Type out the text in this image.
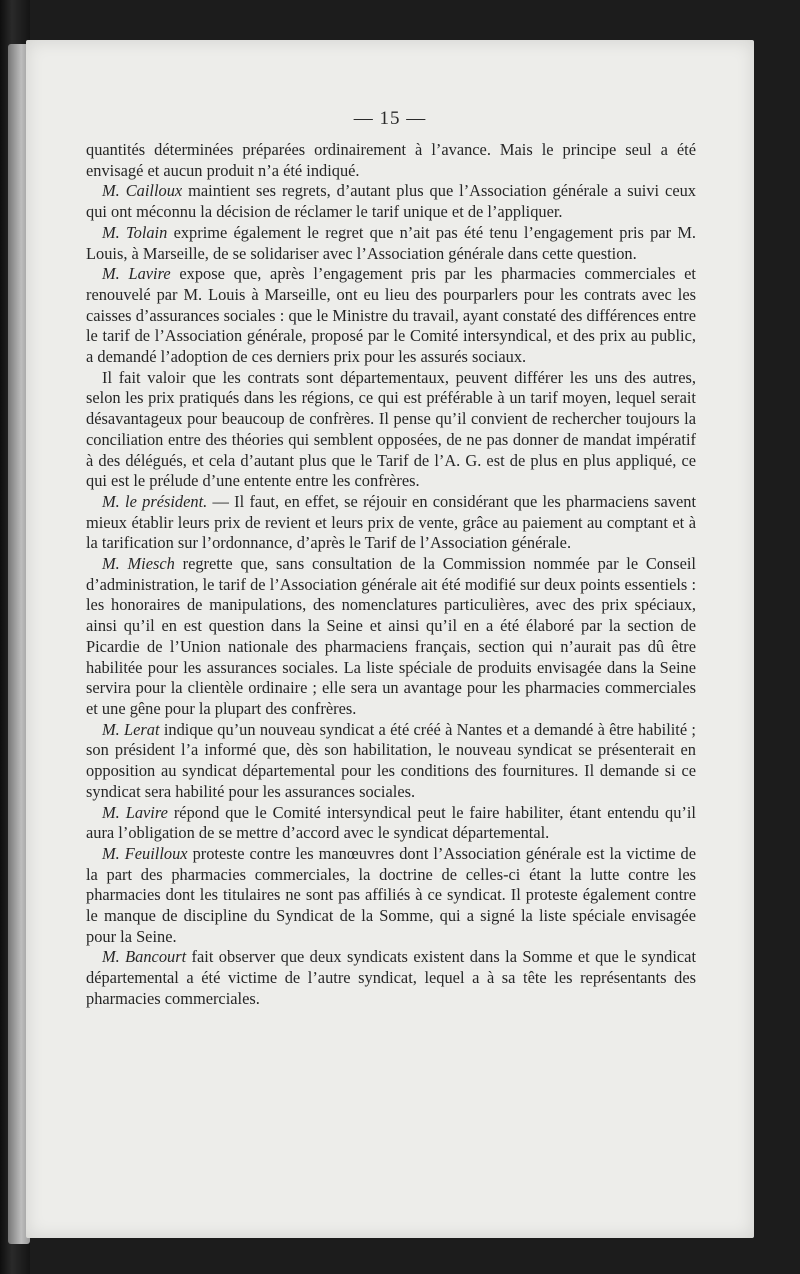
— 15 —

quantités déterminées préparées ordinairement à l’avance. Mais le principe seul a été envisagé et aucun produit n’a été indiqué.

M. Cailloux maintient ses regrets, d’autant plus que l’Association générale a suivi ceux qui ont méconnu la décision de réclamer le tarif unique et de l’appliquer.

M. Tolain exprime également le regret que n’ait pas été tenu l’engagement pris par M. Louis, à Marseille, de se solidariser avec l’Association générale dans cette question.

M. Lavire expose que, après l’engagement pris par les pharmacies commerciales et renouvelé par M. Louis à Marseille, ont eu lieu des pourparlers pour les contrats avec les caisses d’assurances sociales : que le Ministre du travail, ayant constaté des différences entre le tarif de l’Association générale, proposé par le Comité intersyndical, et des prix au public, a demandé l’adoption de ces derniers prix pour les assurés sociaux.

Il fait valoir que les contrats sont départementaux, peuvent différer les uns des autres, selon les prix pratiqués dans les régions, ce qui est préférable à un tarif moyen, lequel serait désavantageux pour beaucoup de confrères. Il pense qu’il convient de rechercher toujours la conciliation entre des théories qui semblent opposées, de ne pas donner de mandat impératif à des délégués, et cela d’autant plus que le Tarif de l’A. G. est de plus en plus appliqué, ce qui est le prélude d’une entente entre les confrères.

M. le président. — Il faut, en effet, se réjouir en considérant que les pharmaciens savent mieux établir leurs prix de revient et leurs prix de vente, grâce au paiement au comptant et à la tarification sur l’ordonnance, d’après le Tarif de l’Association générale.

M. Miesch regrette que, sans consultation de la Commission nommée par le Conseil d’administration, le tarif de l’Association générale ait été modifié sur deux points essentiels : les honoraires de manipulations, des nomenclatures particulières, avec des prix spéciaux, ainsi qu’il en est question dans la Seine et ainsi qu’il en a été élaboré par la section de Picardie de l’Union nationale des pharmaciens français, section qui n’aurait pas dû être habilitée pour les assurances sociales. La liste spéciale de produits envisagée dans la Seine servira pour la clientèle ordinaire ; elle sera un avantage pour les pharmacies commerciales et une gêne pour la plupart des confrères.

M. Lerat indique qu’un nouveau syndicat a été créé à Nantes et a demandé à être habilité ; son président l’a informé que, dès son habilitation, le nouveau syndicat se présenterait en opposition au syndicat départemental pour les conditions des fournitures. Il demande si ce syndicat sera habilité pour les assurances sociales.

M. Lavire répond que le Comité intersyndical peut le faire habiliter, étant entendu qu’il aura l’obligation de se mettre d’accord avec le syndicat départemental.

M. Feuilloux proteste contre les manœuvres dont l’Association générale est la victime de la part des pharmacies commerciales, la doctrine de celles-ci étant la lutte contre les pharmacies dont les titulaires ne sont pas affiliés à ce syndicat. Il proteste également contre le manque de discipline du Syndicat de la Somme, qui a signé la liste spéciale envisagée pour la Seine.

M. Bancourt fait observer que deux syndicats existent dans la Somme et que le syndicat départemental a été victime de l’autre syndicat, lequel a à sa tête les représentants des pharmacies commerciales.
